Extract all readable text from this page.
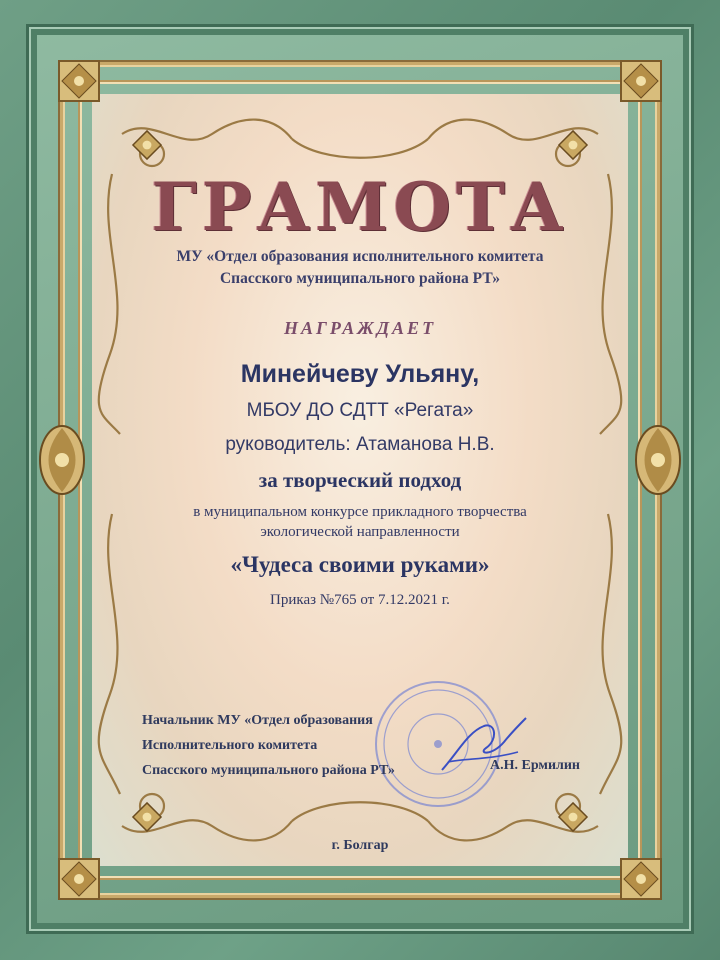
ГРАМОТА
МУ «Отдел образования исполнительного комитета
Спасского муниципального района РТ»
НАГРАЖДАЕТ
Минейчеву Ульяну,
МБОУ ДО СДТТ «Регата»
руководитель: Атаманова Н.В.
за творческий подход
в муниципальном конкурсе прикладного творчества
экологической направленности
«Чудеса своими руками»
Приказ №765 от 7.12.2021 г.
Начальник МУ «Отдел образования
Исполнительного комитета
Спасского муниципального района РТ»	А.Н. Ермилин
г. Болгар
